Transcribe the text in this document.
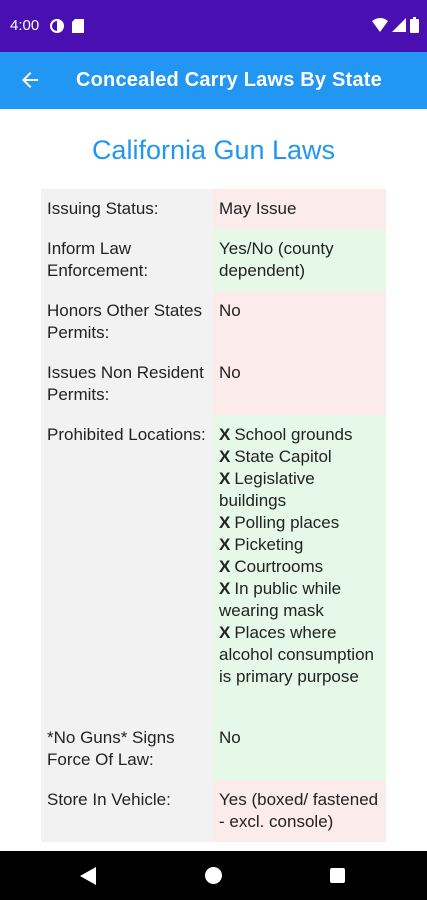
4:00
Concealed Carry Laws By State
California Gun Laws
Issuing Status:	May Issue
Inform Law Enforcement:
Yes/No (county dependent)
Honors Other States Permits:
No
Issues Non Resident Permits:
No
Prohibited Locations: X School grounds
X State Capitol
X Legislative buildings
X Polling places
X Picketing
X Courtrooms
X In public while wearing mask
X Places where alcohol consumption is primary purpose
*No Guns* Signs Force Of Law:
No
Store In Vehicle:	Yes (boxed/ fastened - excl. console)
